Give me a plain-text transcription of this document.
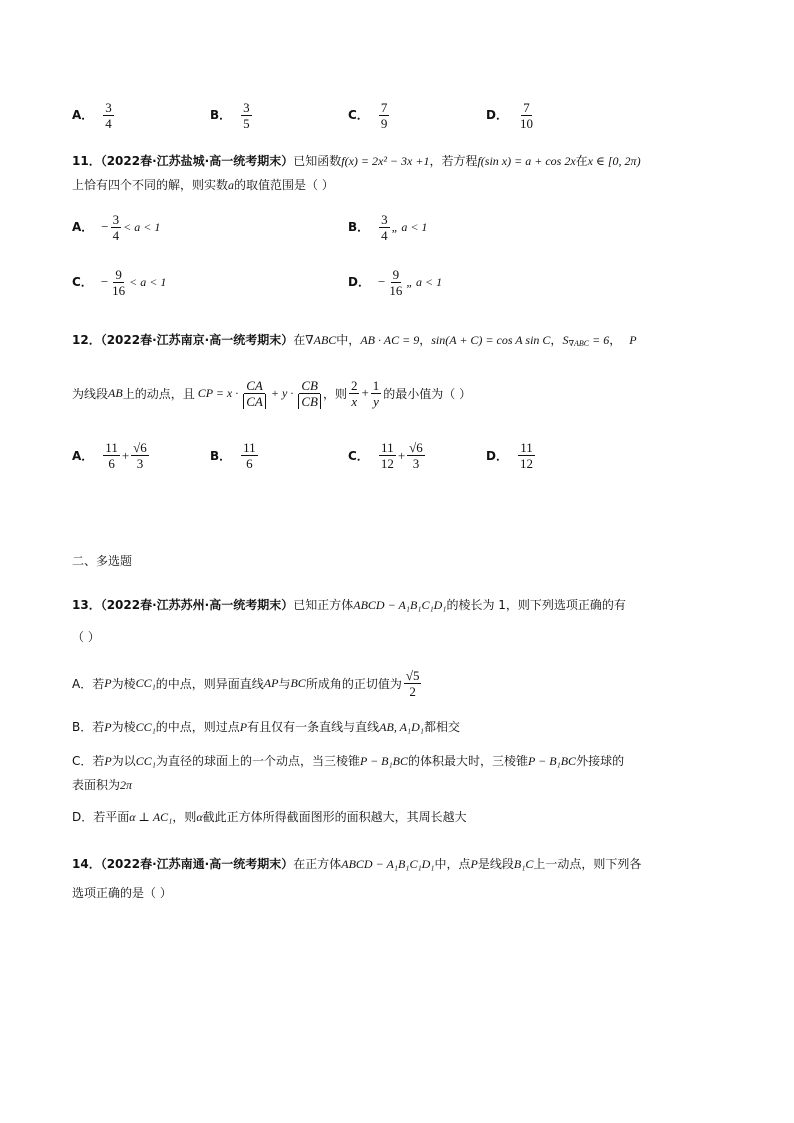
A． $\frac{3}{4}$	B． $\frac{3}{5}$	C． $\frac{7}{9}$	D． $\frac{7}{10}$
11．（2022春·江苏盐城·高一统考期末）已知函数f(x) = 2x² − 3x +1，若方程f(sin x) = a + cos 2x在x ∈ [0, 2π)
上恰有四个不同的解，则实数a的取值范围是（ ）
A． − $\frac{3}{4} < a < 1$	B． $\frac{3}{4}$ „ a < 1
C． − $\frac{9}{16} < a < 1$	D． − $\frac{9}{16}$ „ a < 1
12．（2022春·江苏南京·高一统考期末）在∇ABC中，AB · AC = 9，sin(A + C) = cos A sin C，$S_{\nabla ABC} = 6$， P
为线段 AB 上的动点，且 CP = $x \cdot \frac{CA}{CA} + y \cdot \frac{CB}{CB}$ ，则 $\frac{2}{x} + \frac{1}{y}$ 的最小值为（ ）
A． $\frac{11}{6} + \frac{√6}{3}$	B． $\frac{11}{6}$	C． $\frac{11}{12} + \frac{√6}{3}$	D． $\frac{11}{12}$
二、多选题
13．（2022春·江苏苏州·高一统考期末）已知正方体ABCD − A₁B₁C₁D₁的棱长为 1，则下列选项正确的有
（ ）
A．若 P 为棱 CC₁ 的中点，则异面直线 AP 与 BC 所成角的正切值为 $\frac{√5}{2}$
B．若P为棱CC₁的中点，则过点P有且仅有一条直线与直线AB, A₁D₁都相交
C．若P为以CC₁为直径的球面上的一个动点，当三棱锥P − B₁BC的体积最大时，三棱锥P − B₁BC外接球的
表面积为2π
D．若平面α ⊥ AC₁，则α截此正方体所得截面图形的面积越大，其周长越大
14．（2022春·江苏南通·高一统考期末）在正方体ABCD − A₁B₁C₁D₁中，点P是线段B₁C上一动点，则下列各
选项正确的是（ ）
